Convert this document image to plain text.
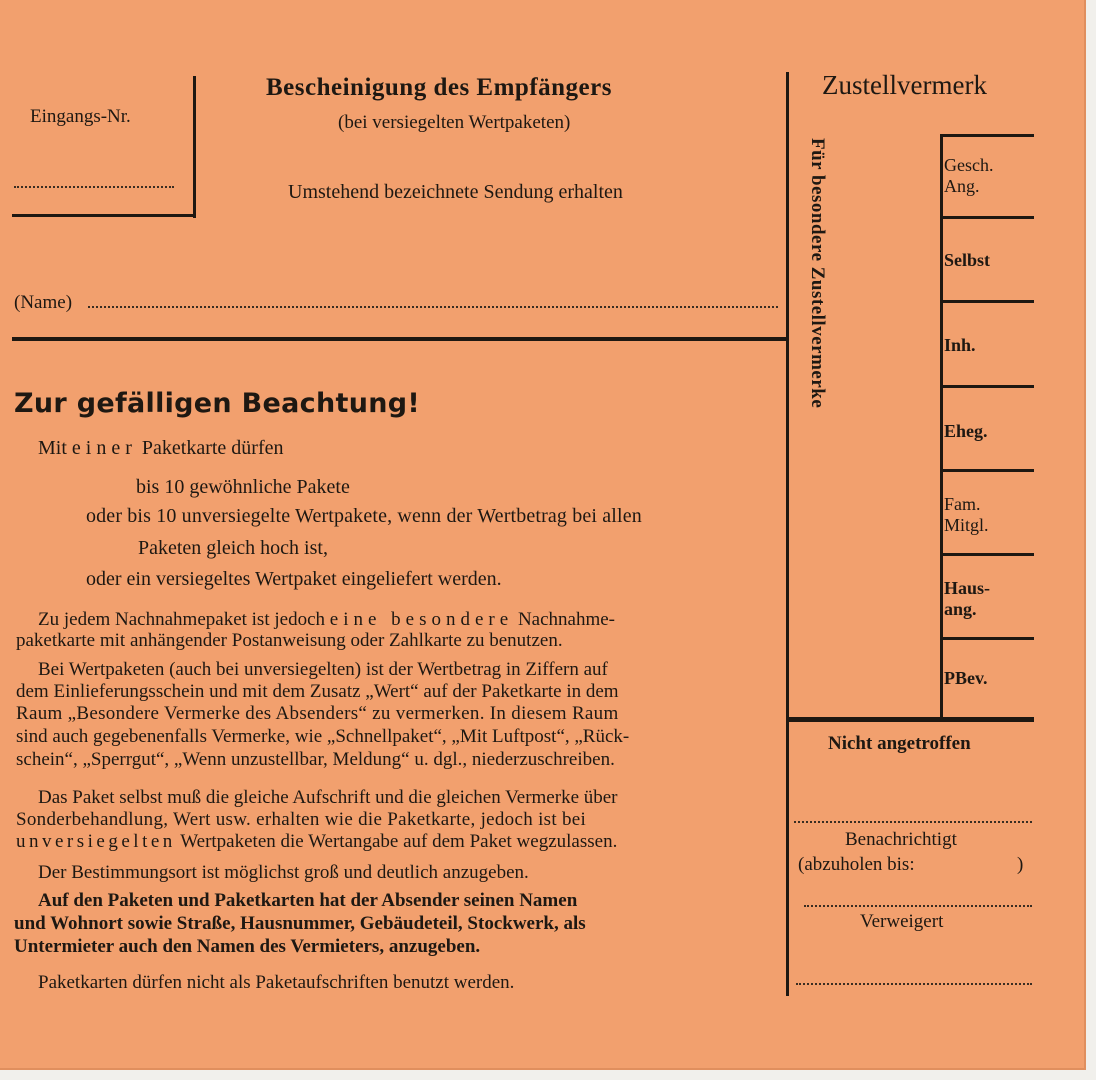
Eingangs-Nr.
Bescheinigung des Empfängers
(bei versiegelten Wertpaketen)
Umstehend bezeichnete Sendung erhalten
(Name)
Zur gefälligen Beachtung!
Mit einer Paketkarte dürfen
bis 10 gewöhnliche Pakete
oder bis 10 unversiegelte Wertpakete, wenn der Wertbetrag bei allen
Paketen gleich hoch ist,
oder ein versiegeltes Wertpaket eingeliefert werden.
Zu jedem Nachnahmepaket ist jedoch eine besondere Nachnahme-
paketkarte mit anhängender Postanweisung oder Zahlkarte zu benutzen.
Bei Wertpaketen (auch bei unversiegelten) ist der Wertbetrag in Ziffern auf
dem Einlieferungsschein und mit dem Zusatz „Wert“ auf der Paketkarte in dem
Raum „Besondere Vermerke des Absenders“ zu vermerken. In diesem Raum
sind auch gegebenenfalls Vermerke, wie „Schnellpaket“, „Mit Luftpost“, „Rück-
schein“, „Sperrgut“, „Wenn unzustellbar, Meldung“ u. dgl., niederzuschreiben.
Das Paket selbst muß die gleiche Aufschrift und die gleichen Vermerke über
Sonderbehandlung, Wert usw. erhalten wie die Paketkarte, jedoch ist bei
unversiegelten Wertpaketen die Wertangabe auf dem Paket wegzulassen.
Der Bestimmungsort ist möglichst groß und deutlich anzugeben.
Auf den Paketen und Paketkarten hat der Absender seinen Namen
und Wohnort sowie Straße, Hausnummer, Gebäudeteil, Stockwerk, als
Untermieter auch den Namen des Vermieters, anzugeben.
Paketkarten dürfen nicht als Paketaufschriften benutzt werden.
Zustellvermerk
Für besondere Zustellvermerke	Gesch.
Ang.
Selbst
Inh.
Eheg.
Fam.
Mitgl.
Haus-
ang.
PBev.
Nicht angetroffen
Benachrichtigt
(abzuholen bis:	)
Verweigert
